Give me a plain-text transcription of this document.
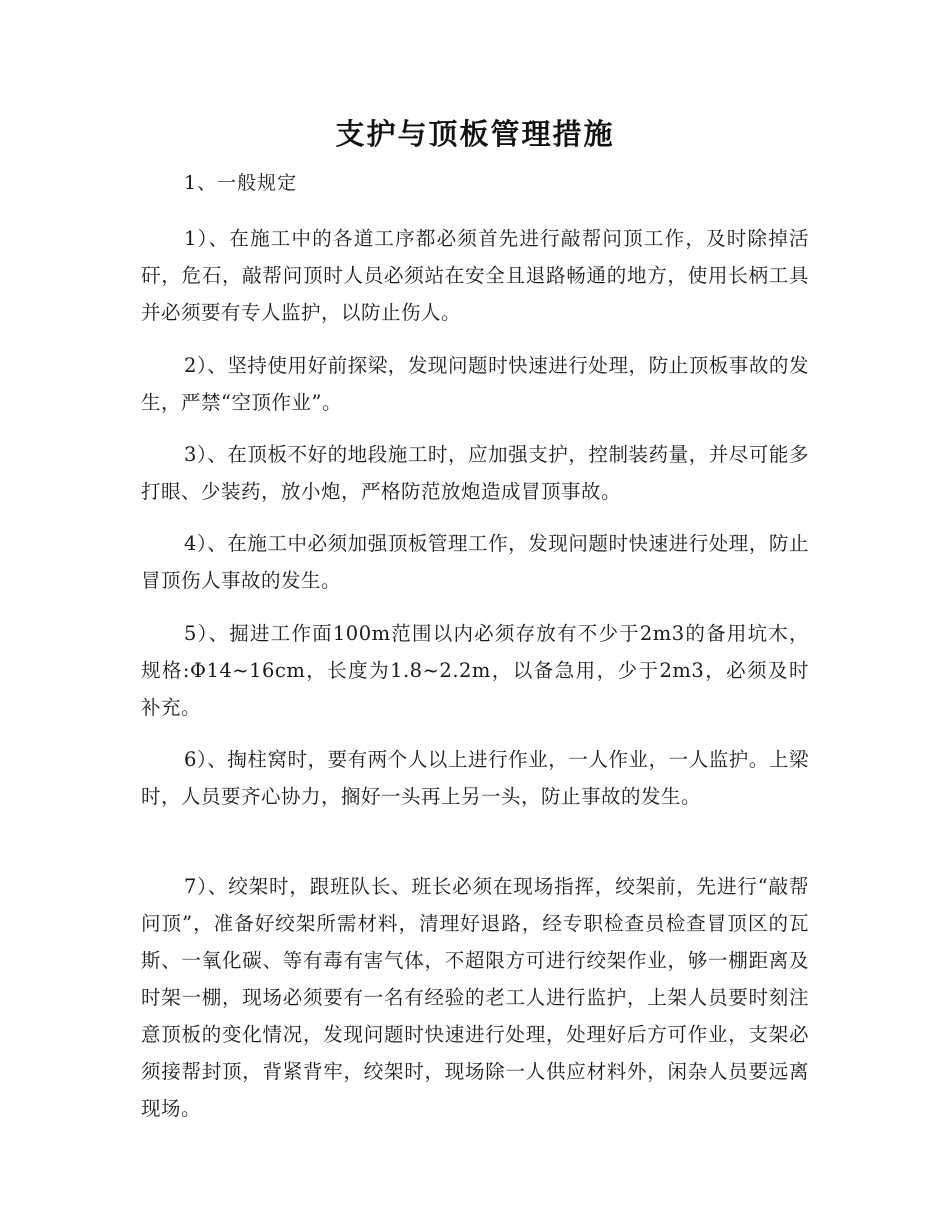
支护与顶板管理措施
1、一般规定

1）、在施工中的各道工序都必须首先进行敲帮问顶工作，及时除掉活矸，危石，敲帮问顶时人员必须站在安全且退路畅通的地方，使用长柄工具并必须要有专人监护，以防止伤人。

2）、坚持使用好前探梁，发现问题时快速进行处理，防止顶板事故的发生，严禁“空顶作业”。

3）、在顶板不好的地段施工时，应加强支护，控制装药量，并尽可能多打眼、少装药，放小炮，严格防范放炮造成冒顶事故。

4）、在施工中必须加强顶板管理工作，发现问题时快速进行处理，防止冒顶伤人事故的发生。

5）、掘进工作面100m范围以内必须存放有不少于2m3的备用坑木，规格:Φ14~16cm，长度为1.8~2.2m，以备急用，少于2m3，必须及时补充。

6）、掏柱窝时，要有两个人以上进行作业，一人作业，一人监护。上梁时，人员要齐心协力，搁好一头再上另一头，防止事故的发生。

7）、绞架时，跟班队长、班长必须在现场指挥，绞架前，先进行“敲帮问顶”，准备好绞架所需材料，清理好退路，经专职检查员检查冒顶区的瓦斯、一氧化碳、等有毒有害气体，不超限方可进行绞架作业，够一棚距离及时架一棚，现场必须要有一名有经验的老工人进行监护，上架人员要时刻注意顶板的变化情况，发现问题时快速进行处理，处理好后方可作业，支架必须接帮封顶，背紧背牢，绞架时，现场除一人供应材料外，闲杂人员要远离现场。
